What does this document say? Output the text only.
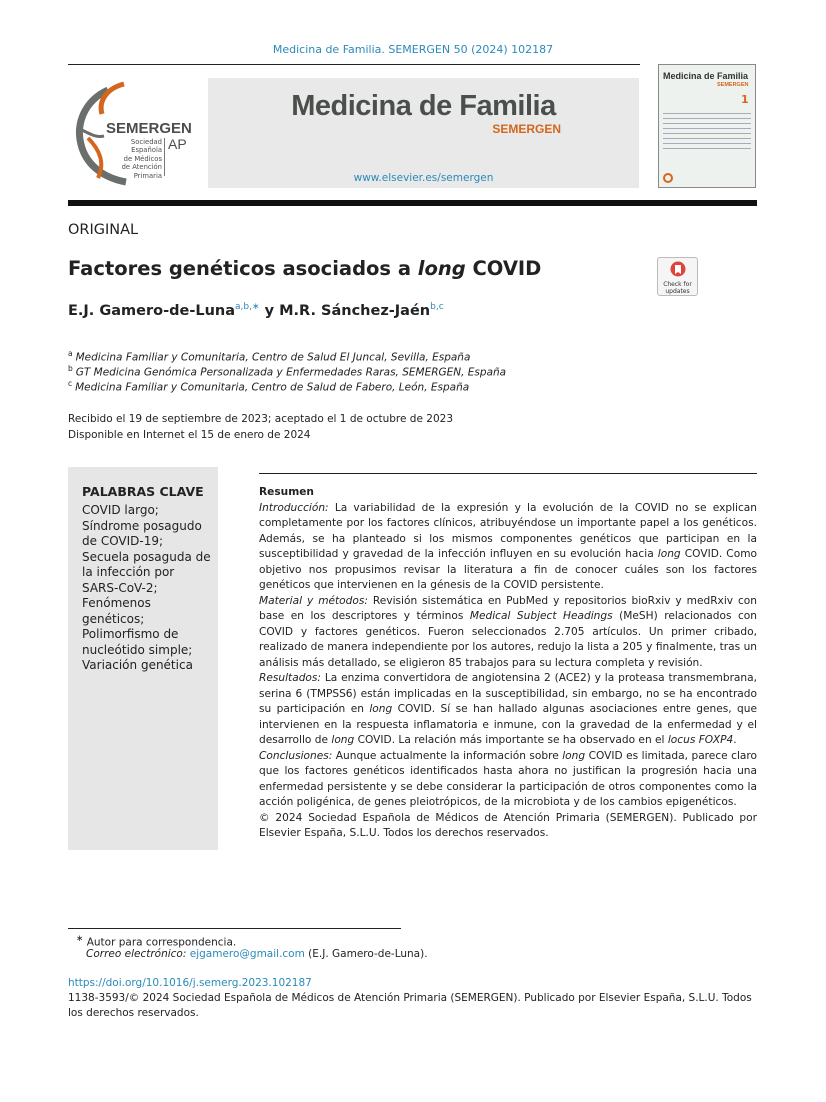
Medicina de Familia. SEMERGEN 50 (2024) 102187
SEMERGEN
AP
Sociedad
Española
de Médicos
de Atención
Primaria
Medicina de Familia
SEMERGEN
www.elsevier.es/semergen
Medicina de Familia
SEMERGEN
1
ORIGINAL
Factores genéticos asociados a long COVID
Check for updates
E.J. Gamero-de-Luna$^{a,b,∗}$ y M.R. Sánchez-Jaén$^{b,c}$
$^a$ Medicina Familiar y Comunitaria, Centro de Salud El Juncal, Sevilla, España
$^b$ GT Medicina Genómica Personalizada y Enfermedades Raras, SEMERGEN, España
$^c$ Medicina Familiar y Comunitaria, Centro de Salud de Fabero, León, España
Recibido el 19 de septiembre de 2023; aceptado el 1 de octubre de 2023
Disponible en Internet el 15 de enero de 2024
PALABRAS CLAVE
COVID largo;
Síndrome posagudo
de COVID-19;
Secuela posaguda de
la infección por
SARS-CoV-2;
Fenómenos
genéticos;
Polimorfismo de
nucleótido simple;
Variación genética

Resumen

Introducción: La variabilidad de la expresión y la evolución de la COVID no se explican completamente por los factores clínicos, atribuyéndose un importante papel a los genéticos. Además, se ha planteado si los mismos componentes genéticos que participan en la susceptibilidad y gravedad de la infección influyen en su evolución hacia long COVID. Como objetivo nos propusimos revisar la literatura a fin de conocer cuáles son los factores genéticos que intervienen en la génesis de la COVID persistente.

Material y métodos: Revisión sistemática en PubMed y repositorios bioRxiv y medRxiv con base en los descriptores y términos Medical Subject Headings (MeSH) relacionados con COVID y factores genéticos. Fueron seleccionados 2.705 artículos. Un primer cribado, realizado de manera independiente por los autores, redujo la lista a 205 y finalmente, tras un análisis más detallado, se eligieron 85 trabajos para su lectura completa y revisión.

Resultados: La enzima convertidora de angiotensina 2 (ACE2) y la proteasa transmembrana, serina 6 (TMPSS6) están implicadas en la susceptibilidad, sin embargo, no se ha encontrado su participación en long COVID. Sí se han hallado algunas asociaciones entre genes, que intervienen en la respuesta inflamatoria e inmune, con la gravedad de la enfermedad y el desarrollo de long COVID. La relación más importante se ha observado en el locus FOXP4.

Conclusiones: Aunque actualmente la información sobre long COVID es limitada, parece claro que los factores genéticos identificados hasta ahora no justifican la progresión hacia una enfermedad persistente y se debe considerar la participación de otros componentes como la acción poligénica, de genes pleiotrópicos, de la microbiota y de los cambios epigenéticos.

© 2024 Sociedad Española de Médicos de Atención Primaria (SEMERGEN). Publicado por Elsevier España, S.L.U. Todos los derechos reservados.

∗ Autor para correspondencia.
Correo electrónico: ejgamero@gmail.com (E.J. Gamero-de-Luna).
https://doi.org/10.1016/j.semerg.2023.102187
1138-3593/© 2024 Sociedad Española de Médicos de Atención Primaria (SEMERGEN). Publicado por Elsevier España, S.L.U. Todos los derechos reservados.
